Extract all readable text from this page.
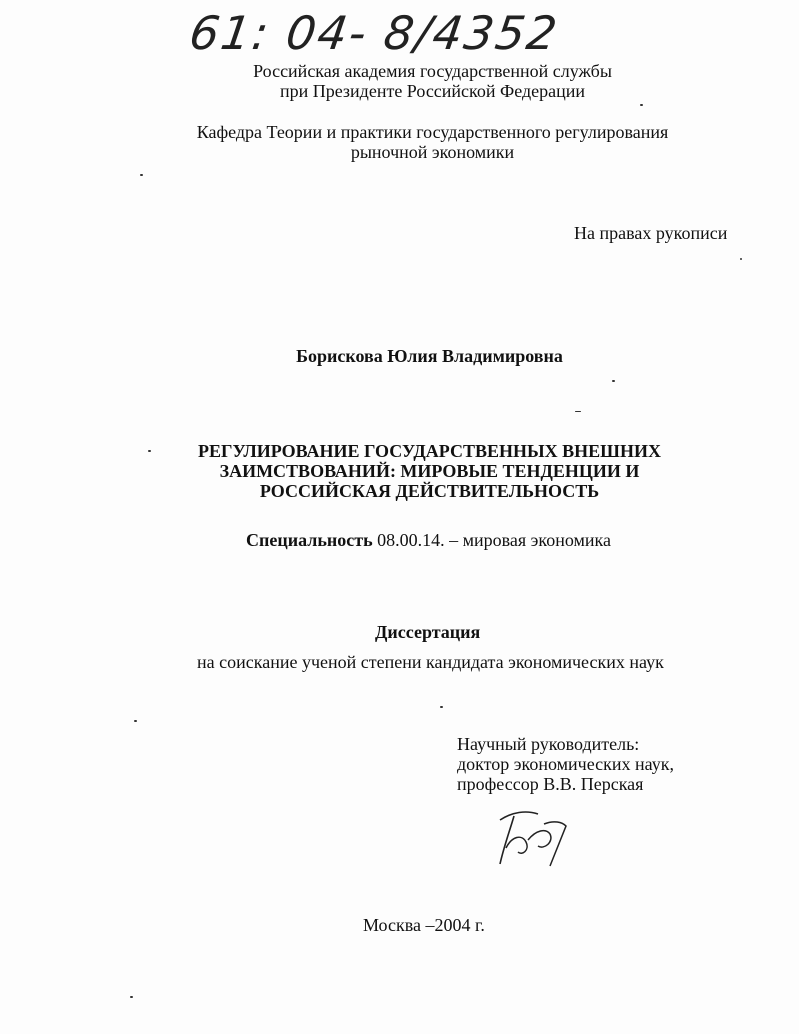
61: 04- 8/4352
Российская академия государственной службы
при Президенте Российской Федерации
Кафедра Теории и практики государственного регулирования
рыночной экономики
На правах рукописи
Борискова Юлия Владимировна
РЕГУЛИРОВАНИЕ ГОСУДАРСТВЕННЫХ ВНЕШНИХ
ЗАИМСТВОВАНИЙ: МИРОВЫЕ ТЕНДЕНЦИИ И
РОССИЙСКАЯ ДЕЙСТВИТЕЛЬНОСТЬ
Специальность 08.00.14. – мировая экономика
Диссертация
на соискание ученой степени кандидата экономических наук
Научный руководитель:
доктор экономических наук,
профессор В.В. Перская
Москва –2004 г.
